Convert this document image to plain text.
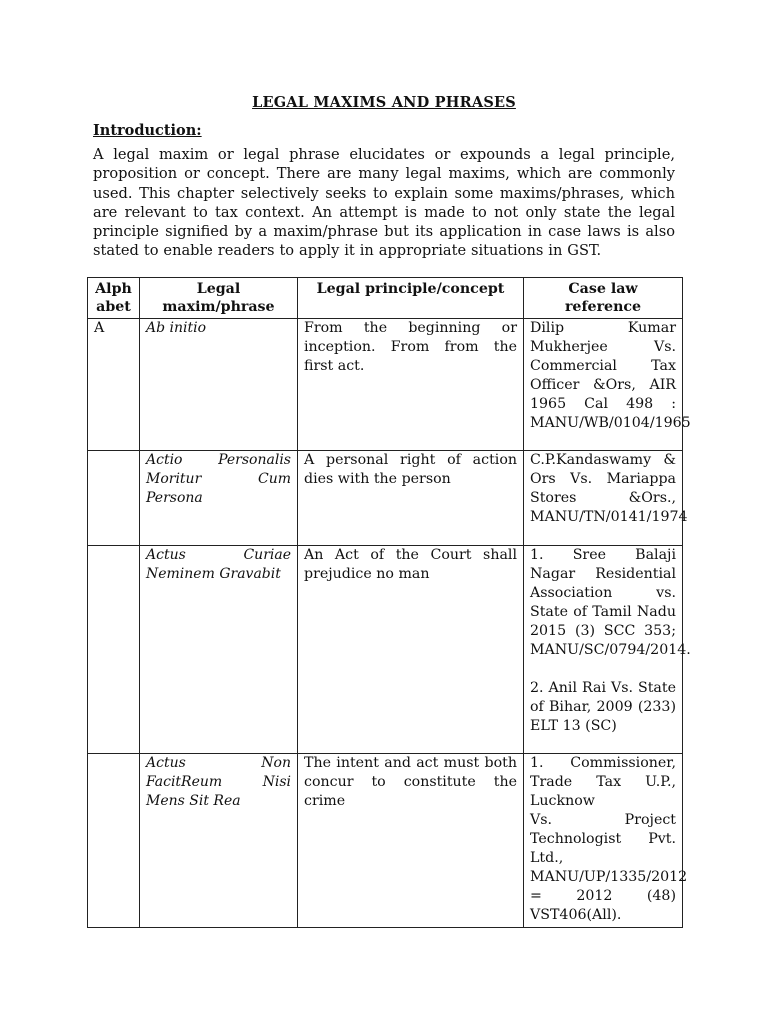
LEGAL MAXIMS AND PHRASES
Introduction:
A legal maxim or legal phrase elucidates or expounds a legal principle, proposition or concept. There are many legal maxims, which are commonly used. This chapter selectively seeks to explain some maxims/phrases, which are relevant to tax context. An attempt is made to not only state the legal principle signified by a maxim/phrase but its application in case laws is also stated to enable readers to apply it in appropriate situations in GST.
Alphabet	Legal maxim/phrase	Legal principle/concept	Case law reference
A	Ab initio	From the beginning or inception. From from the first act.	Dilip Kumar Mukherjee Vs. Commercial Tax Officer &Ors, AIR 1965 Cal 498 : MANU/WB/0104/1965

	Actio Personalis Moritur Cum Persona	A personal right of action dies with the person	C.P.Kandaswamy & Ors Vs. Mariappa Stores &Ors., MANU/TN/0141/1974

	Actus Curiae Neminem Gravabit	An Act of the Court shall prejudice no man	1. Sree Balaji Nagar Residential Association vs. State of Tamil Nadu 2015 (3) SCC 353; MANU/SC/0794/2014.
2. Anil Rai Vs. State of Bihar, 2009 (233) ELT 13 (SC)

	Actus Non FacitReum Nisi Mens Sit Rea	The intent and act must both concur to constitute the crime	1. Commissioner, Trade Tax U.P., Lucknow
Vs. Project Technologist Pvt. Ltd., MANU/UP/1335/2012 = 2012 (48) VST406(All).
